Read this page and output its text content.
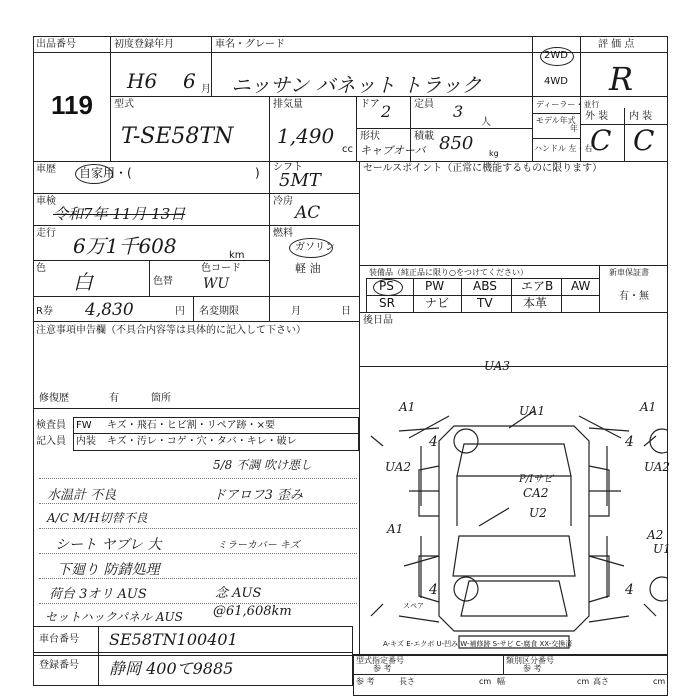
出品番号
119
初度登録年月
H6 6 月
車名・グレード
ニッサン バネット トラック
2WD
4WD
評 価 点
R
型式
T-SE58TN
排気量
1,490
cc
ドア 2 定員 3
人
形状
キャブオーバ
積載 850 kg
ディーラー・並行
モデル年式
年
ハンドル 左・右
外 装 内 装
C C
車歴 自家用・(	) シフト
5MT
セールスポイント（正常に機能するものに限ります）
車検
令和7年 11月 13日
冷房
AC
走行
6万1千608	km
燃料
ガソリン
軽 油
色
白	色替
色コード
WU
R券 4,830	円 名変期限	月	日
装備品（純正品に限り○をつけてください）	新車保証書
有・無
PS	PW ABS エアB AW
SR	ナビ TV	本革
後日品
注意事項申告欄（不具合内容等は具体的に記入して下さい）
修復歴	有	箇所
検査員 FW キズ・飛石・ヒビ割・リペア跡・×要
記入員 内装 キズ・汚レ・コゲ・穴・タバ・キレ・破レ
5/8 不調 吹け悪し
ドアロフ3 歪み
ミラーカバー キズ
念 AUS
@61,608km
水温計 不良
A/C M/H切替不良
シート ヤブレ 大
下廻り 防錆処理
荷台 3オリ AUS
セットハックパネル AUS
UA3
A1	UA1	A1
UA2	UA2
P/Iサビ
CA2
U2
A1	A2
U1
4	4
4	4
スペア
A-キズ E-エクボ U-凹み W-補修跡 S-サビ C-腐食 XX-交換済
車台番号 SE58TN100401
登録番号 静岡 400て9885	型式指定番号
参 考
類別区分番号
参 考
参 考	長さ	cm 幅	cm 高さ	cm
